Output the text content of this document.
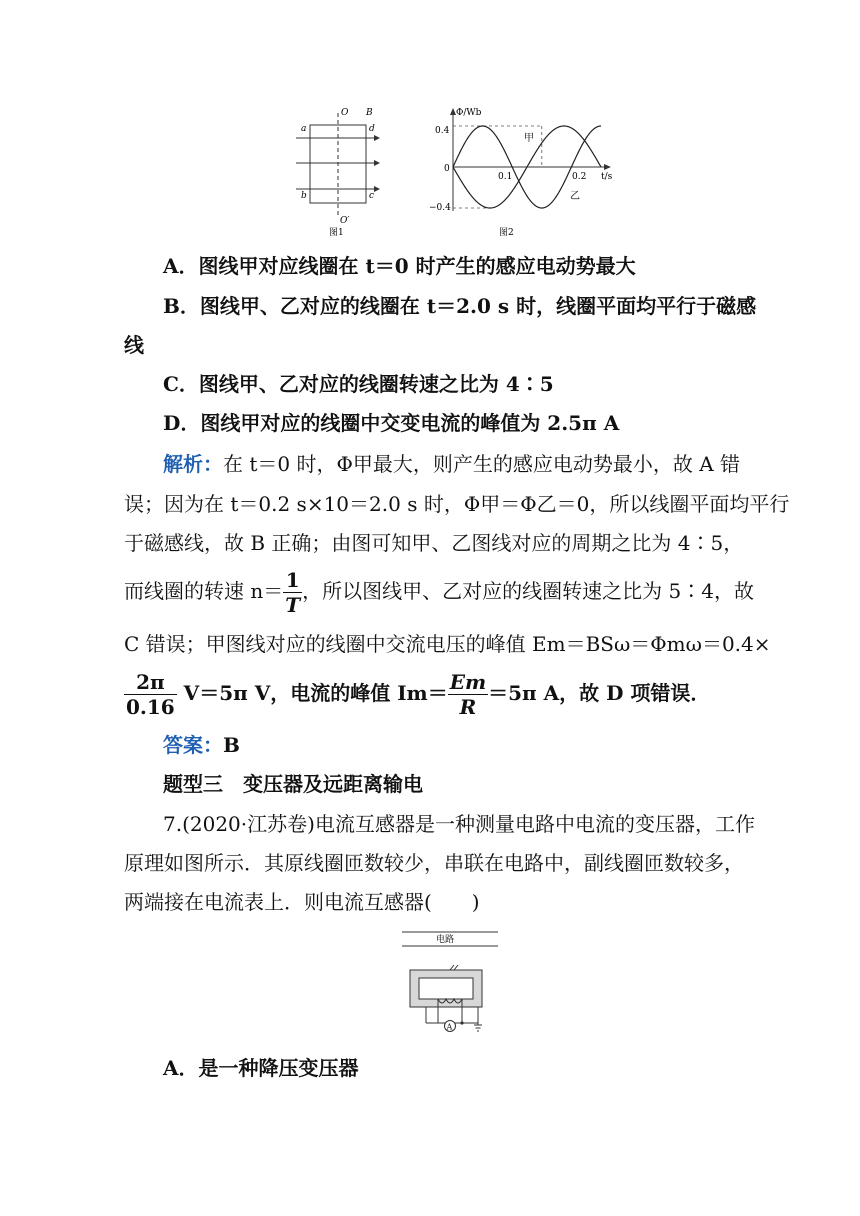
O B
a	d
b	c
O′
图1
Φ/Wb
t/s
0.4
0
−0.4
0.1	0.2
甲
乙
图2
A．图线甲对应线圈在 t＝0 时产生的感应电动势最大
B．图线甲、乙对应的线圈在 t＝2.0 s 时，线圈平面均平行于磁感
线
C．图线甲、乙对应的线圈转速之比为 4∶5
D．图线甲对应的线圈中交变电流的峰值为 2.5π A
解析：在 t＝0 时，Φ甲最大，则产生的感应电动势最小，故 A 错
误；因为在 t＝0.2 s×10＝2.0 s 时，Φ甲＝Φ乙＝0，所以线圈平面均平行
于磁感线，故 B 正确；由图可知甲、乙图线对应的周期之比为 4∶5，
而线圈的转速 $n= \frac{1}{T}$ ，所以图线甲、乙对应的线圈转速之比为 5∶4，故
C 错误；甲图线对应的线圈中交流电压的峰值 Em＝BSω＝Φmω＝0.4×
$\frac{2\pi}{0.16} V=5\pi$ V，电流的峰值 $Im= \frac{Em}{R} =5\pi$ A，故 D 项错误．
答案：B
题型三　变压器及远距离输电
7.(2020·江苏卷)电流互感器是一种测量电路中电流的变压器，工作
原理如图所示．其原线圈匝数较少，串联在电路中，副线圈匝数较多，
两端接在电流表上．则电流互感器(　　)
电路
A
A．是一种降压变压器
